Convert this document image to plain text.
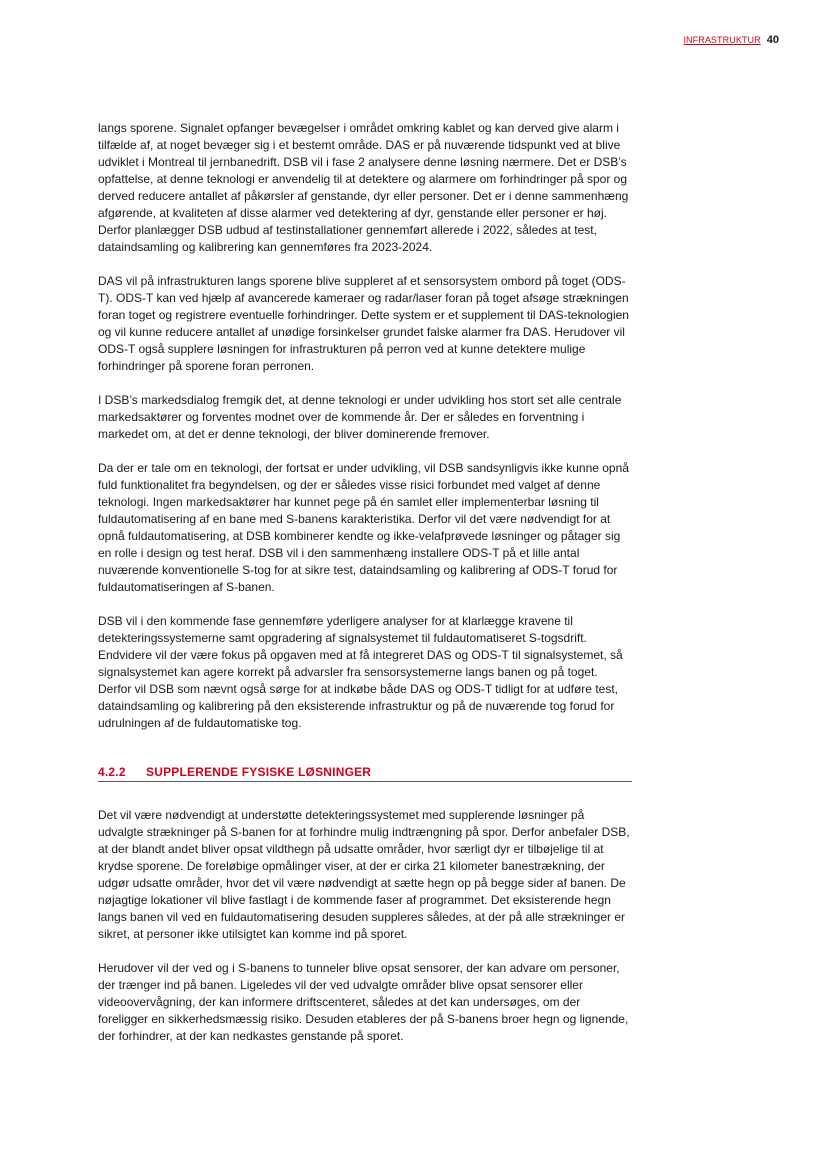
INFRASTRUKTUR 40

langs sporene. Signalet opfanger bevægelser i området omkring kablet og kan derved give alarm i tilfælde af, at noget bevæger sig i et bestemt område. DAS er på nuværende tidspunkt ved at blive udviklet i Montreal til jernbanedrift. DSB vil i fase 2 analysere denne løsning nærmere. Det er DSB’s opfattelse, at denne teknologi er anvendelig til at detektere og alarmere om forhindringer på spor og derved reducere antallet af påkørsler af genstande, dyr eller personer. Det er i denne sammenhæng afgørende, at kvaliteten af disse alarmer ved detektering af dyr, genstande eller personer er høj. Derfor planlægger DSB udbud af testinstallationer gennemført allerede i 2022, således at test, dataindsamling og kalibrering kan gennemføres fra 2023-2024.

DAS vil på infrastrukturen langs sporene blive suppleret af et sensorsystem ombord på toget (ODS-T). ODS-T kan ved hjælp af avancerede kameraer og radar/laser foran på toget afsøge strækningen foran toget og registrere eventuelle forhindringer. Dette system er et supplement til DAS-teknologien og vil kunne reducere antallet af unødige forsinkelser grundet falske alarmer fra DAS. Herudover vil ODS-T også supplere løsningen for infrastrukturen på perron ved at kunne detektere mulige forhindringer på sporene foran perronen.

I DSB’s markedsdialog fremgik det, at denne teknologi er under udvikling hos stort set alle centrale markedsaktører og forventes modnet over de kommende år. Der er således en forventning i markedet om, at det er denne teknologi, der bliver dominerende fremover.

Da der er tale om en teknologi, der fortsat er under udvikling, vil DSB sandsynligvis ikke kunne opnå fuld funktionalitet fra begyndelsen, og der er således visse risici forbundet med valget af denne teknologi. Ingen markedsaktører har kunnet pege på én samlet eller implementerbar løsning til fuldautomatisering af en bane med S-banens karakteristika. Derfor vil det være nødvendigt for at opnå fuldautomatisering, at DSB kombinerer kendte og ikke-velafprøvede løsninger og påtager sig en rolle i design og test heraf. DSB vil i den sammenhæng installere ODS-T på et lille antal nuværende konventionelle S-tog for at sikre test, dataindsamling og kalibrering af ODS-T forud for fuldautomatiseringen af S-banen.

DSB vil i den kommende fase gennemføre yderligere analyser for at klarlægge kravene til detekteringssystemerne samt opgradering af signalsystemet til fuldautomatiseret S-togsdrift. Endvidere vil der være fokus på opgaven med at få integreret DAS og ODS-T til signalsystemet, så signalsystemet kan agere korrekt på advarsler fra sensorsystemerne langs banen og på toget. Derfor vil DSB som nævnt også sørge for at indkøbe både DAS og ODS-T tidligt for at udføre test, dataindsamling og kalibrering på den eksisterende infrastruktur og på de nuværende tog forud for udrulningen af de fuldautomatiske tog.

4.2.2	SUPPLERENDE FYSISKE LØSNINGER

Det vil være nødvendigt at understøtte detekteringssystemet med supplerende løsninger på udvalgte strækninger på S-banen for at forhindre mulig indtrængning på spor. Derfor anbefaler DSB, at der blandt andet bliver opsat vildthegn på udsatte områder, hvor særligt dyr er tilbøjelige til at krydse sporene. De foreløbige opmålinger viser, at der er cirka 21 kilometer banestrækning, der udgør udsatte områder, hvor det vil være nødvendigt at sætte hegn op på begge sider af banen. De nøjagtige lokationer vil blive fastlagt i de kommende faser af programmet. Det eksisterende hegn langs banen vil ved en fuldautomatisering desuden suppleres således, at der på alle strækninger er sikret, at personer ikke utilsigtet kan komme ind på sporet.

Herudover vil der ved og i S-banens to tunneler blive opsat sensorer, der kan advare om personer, der trænger ind på banen. Ligeledes vil der ved udvalgte områder blive opsat sensorer eller videoovervågning, der kan informere driftscenteret, således at det kan undersøges, om der foreligger en sikkerhedsmæssig risiko. Desuden etableres der på S-banens broer hegn og lignende, der forhindrer, at der kan nedkastes genstande på sporet.
